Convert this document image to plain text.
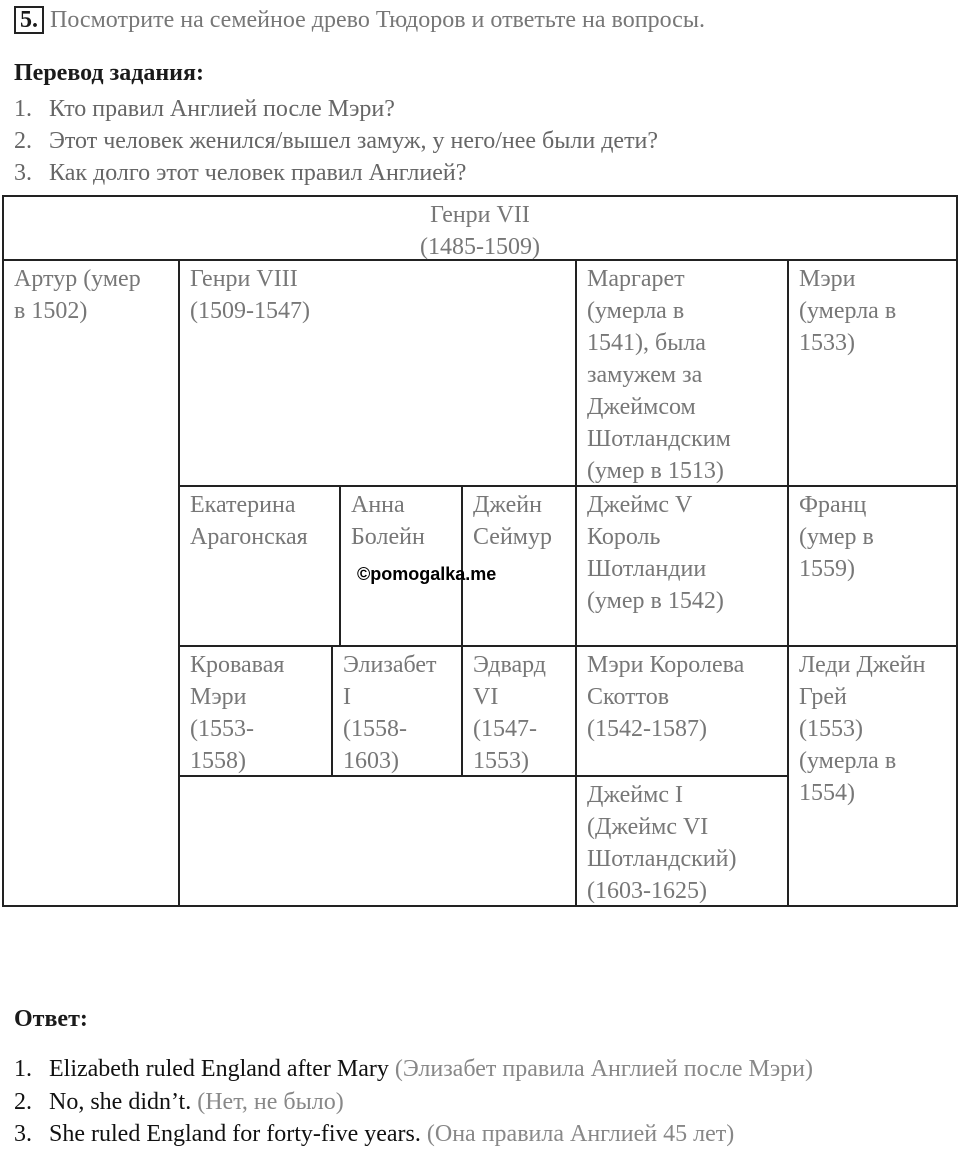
5. Посмотрите на семейное древо Тюдоров и ответьте на вопросы.
Перевод задания:
1. Кто правил Англией после Мэри?
2. Этот человек женился/вышел замуж, у него/нее были дети?
3. Как долго этот человек правил Англией?
Генри VII
(1485-1509)
Артур (умер
в 1502)
Генри VIII
(1509-1547)
Маргарет
(умерла в
1541), была
замужем за
Джеймсом
Шотландским
(умер в 1513)
Мэри
(умерла в
1533)
Екатерина
Арагонская
Анна
Болейн
Джейн
Сеймур
Джеймс V
Король
Шотландии
(умер в 1542)
Франц
(умер в
1559)
©pomogalka.me
Кровавая
Мэри
(1553-
1558)
Элизабет
I
(1558-
1603)
Эдвард
VI
(1547-
1553)
Мэри Королева
Скоттов
(1542-1587)
Леди Джейн
Грей
(1553)
(умерла в
1554)
Джеймс I
(Джеймс VI
Шотландский)
(1603-1625)
Ответ:
1. Elizabeth ruled England after Mary (Элизабет правила Англией после Мэри)
2. No, she didn’t. (Нет, не было)
3. She ruled England for forty-five years. (Она правила Англией 45 лет)
